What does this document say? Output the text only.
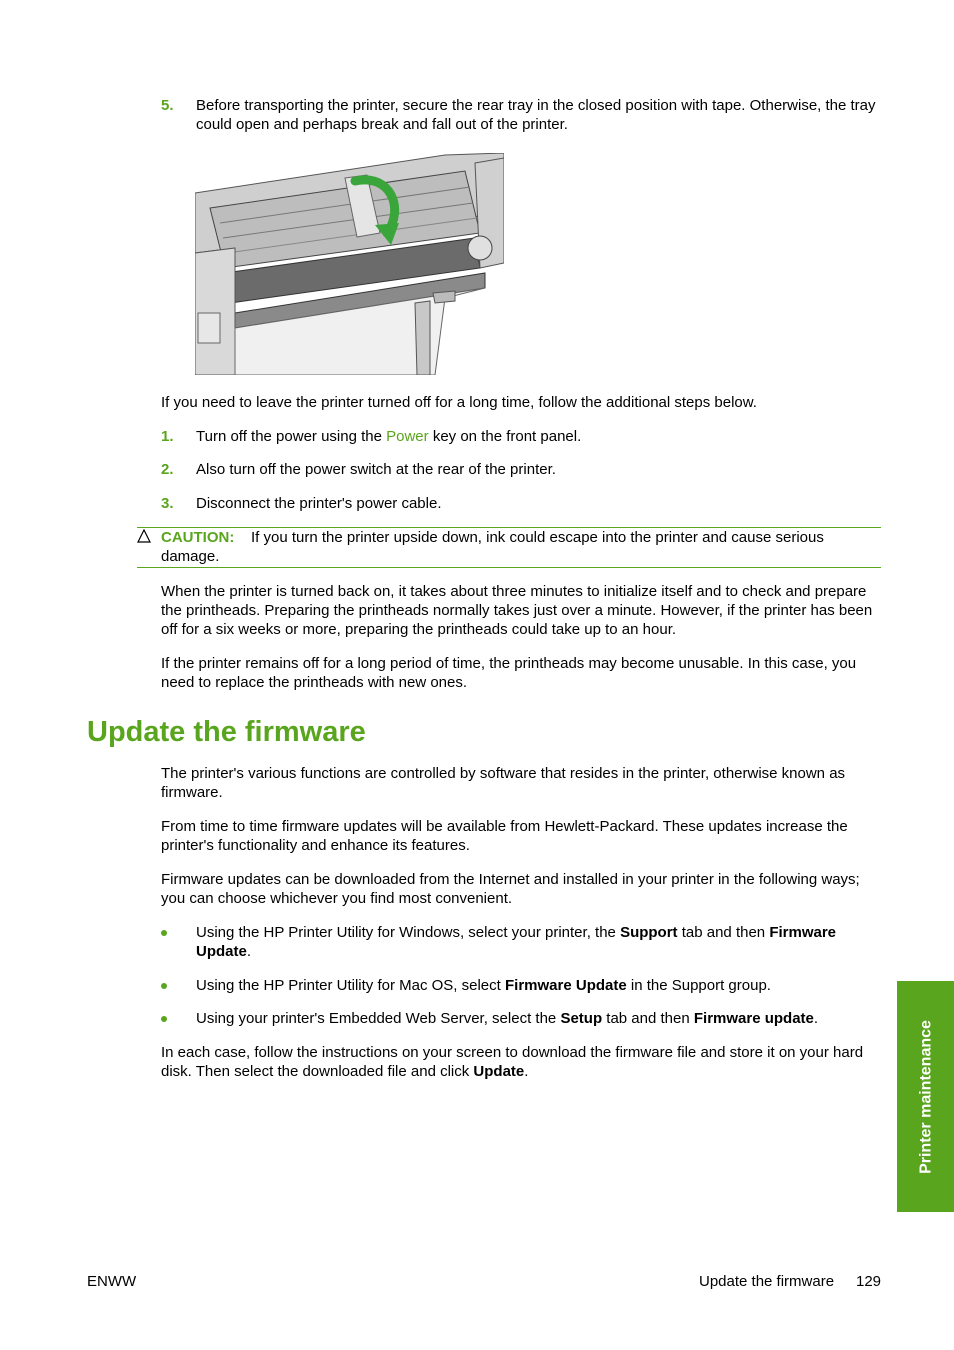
5. Before transporting the printer, secure the rear tray in the closed position with tape. Otherwise, the tray could open and perhaps break and fall out of the printer.
If you need to leave the printer turned off for a long time, follow the additional steps below.
1. Turn off the power using the Power key on the front panel.
2. Also turn off the power switch at the rear of the printer.
3. Disconnect the printer's power cable.
CAUTION: If you turn the printer upside down, ink could escape into the printer and cause serious damage.
When the printer is turned back on, it takes about three minutes to initialize itself and to check and prepare the printheads. Preparing the printheads normally takes just over a minute. However, if the printer has been off for a six weeks or more, preparing the printheads could take up to an hour.
If the printer remains off for a long period of time, the printheads may become unusable. In this case, you need to replace the printheads with new ones.
Update the firmware
The printer's various functions are controlled by software that resides in the printer, otherwise known as firmware.
From time to time firmware updates will be available from Hewlett-Packard. These updates increase the printer's functionality and enhance its features.
Firmware updates can be downloaded from the Internet and installed in your printer in the following ways; you can choose whichever you find most convenient.
Using the HP Printer Utility for Windows, select your printer, the Support tab and then Firmware Update.
Using the HP Printer Utility for Mac OS, select Firmware Update in the Support group.
Using your printer's Embedded Web Server, select the Setup tab and then Firmware update.
In each case, follow the instructions on your screen to download the firmware file and store it on your hard disk. Then select the downloaded file and click Update.	Printer maintenance
ENWW	Update the firmware 129
